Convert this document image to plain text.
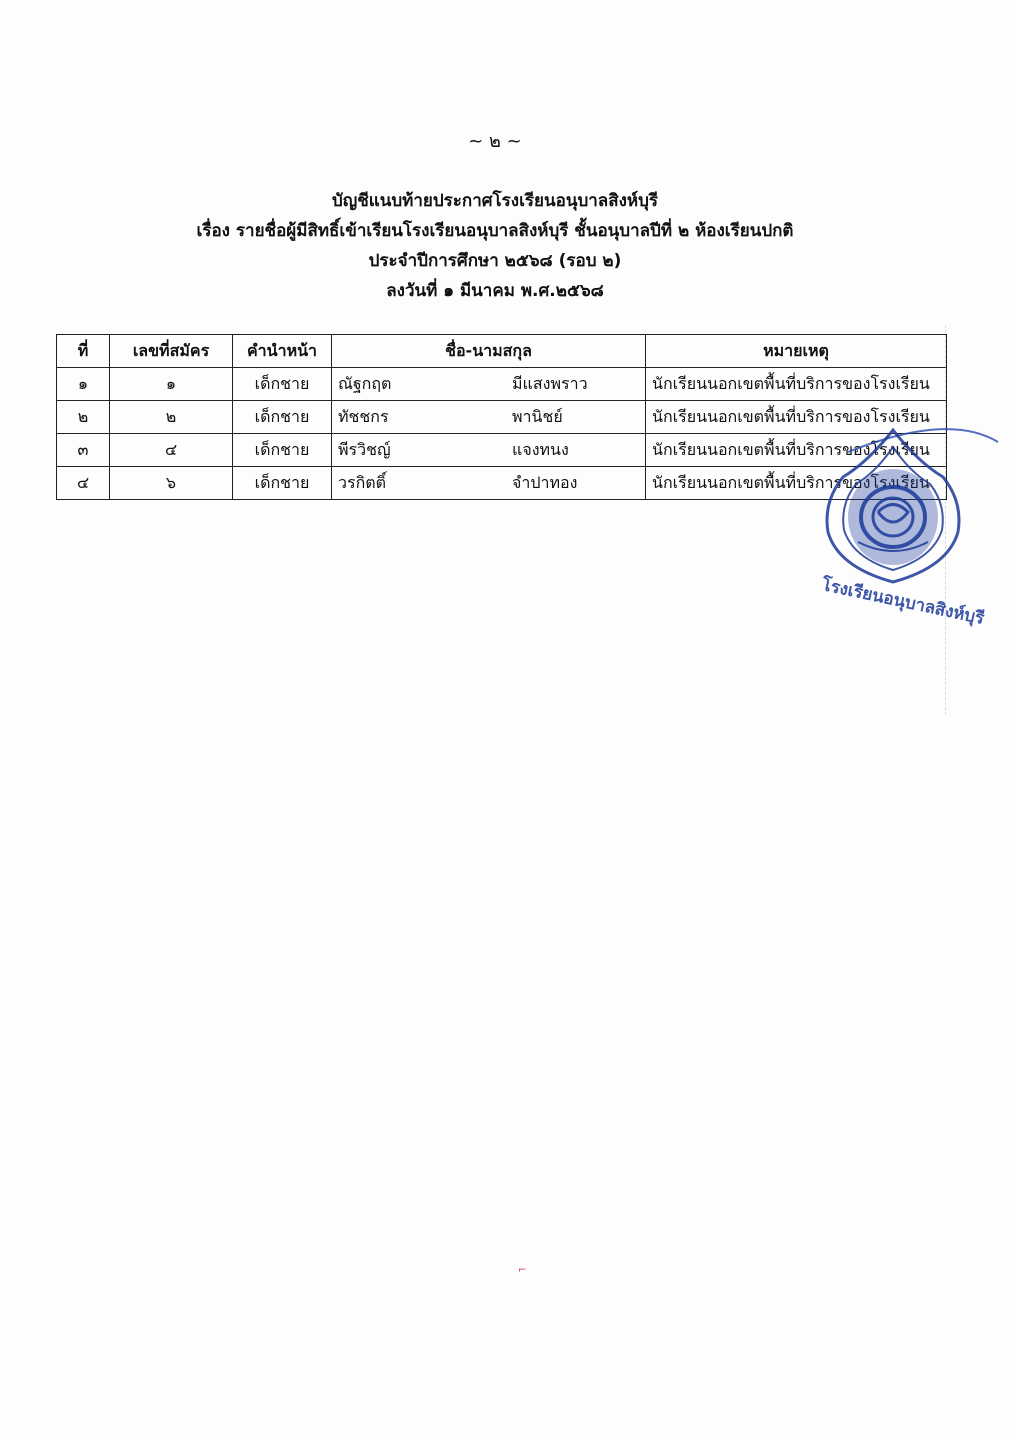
~ ๒ ~
บัญชีแนบท้ายประกาศโรงเรียนอนุบาลสิงห์บุรี
เรื่อง รายชื่อผู้มีสิทธิ์เข้าเรียนโรงเรียนอนุบาลสิงห์บุรี ชั้นอนุบาลปีที่ ๒ ห้องเรียนปกติ
ประจำปีการศึกษา ๒๕๖๘ (รอบ ๒)
ลงวันที่ ๑ มีนาคม พ.ศ.๒๕๖๘
ที่	เลขที่สมัคร	คำนำหน้า	ชื่อ-นามสกุล	หมายเหตุ
๑	๑	เด็กชาย	ณัฐกฤต มีแสงพราว	นักเรียนนอกเขตพื้นที่บริการของโรงเรียน
๒	๒	เด็กชาย	ทัชชกร พานิชย์	นักเรียนนอกเขตพื้นที่บริการของโรงเรียน
๓	๔	เด็กชาย	พีรวิชญ์ แจงทนง	นักเรียนนอกเขตพื้นที่บริการของโรงเรียน
๔	๖	เด็กชาย	วรกิตติ์ จำปาทอง	นักเรียนนอกเขตพื้นที่บริการของโรงเรียน
โรงเรียนอนุบาลสิงห์บุรี
⌐
